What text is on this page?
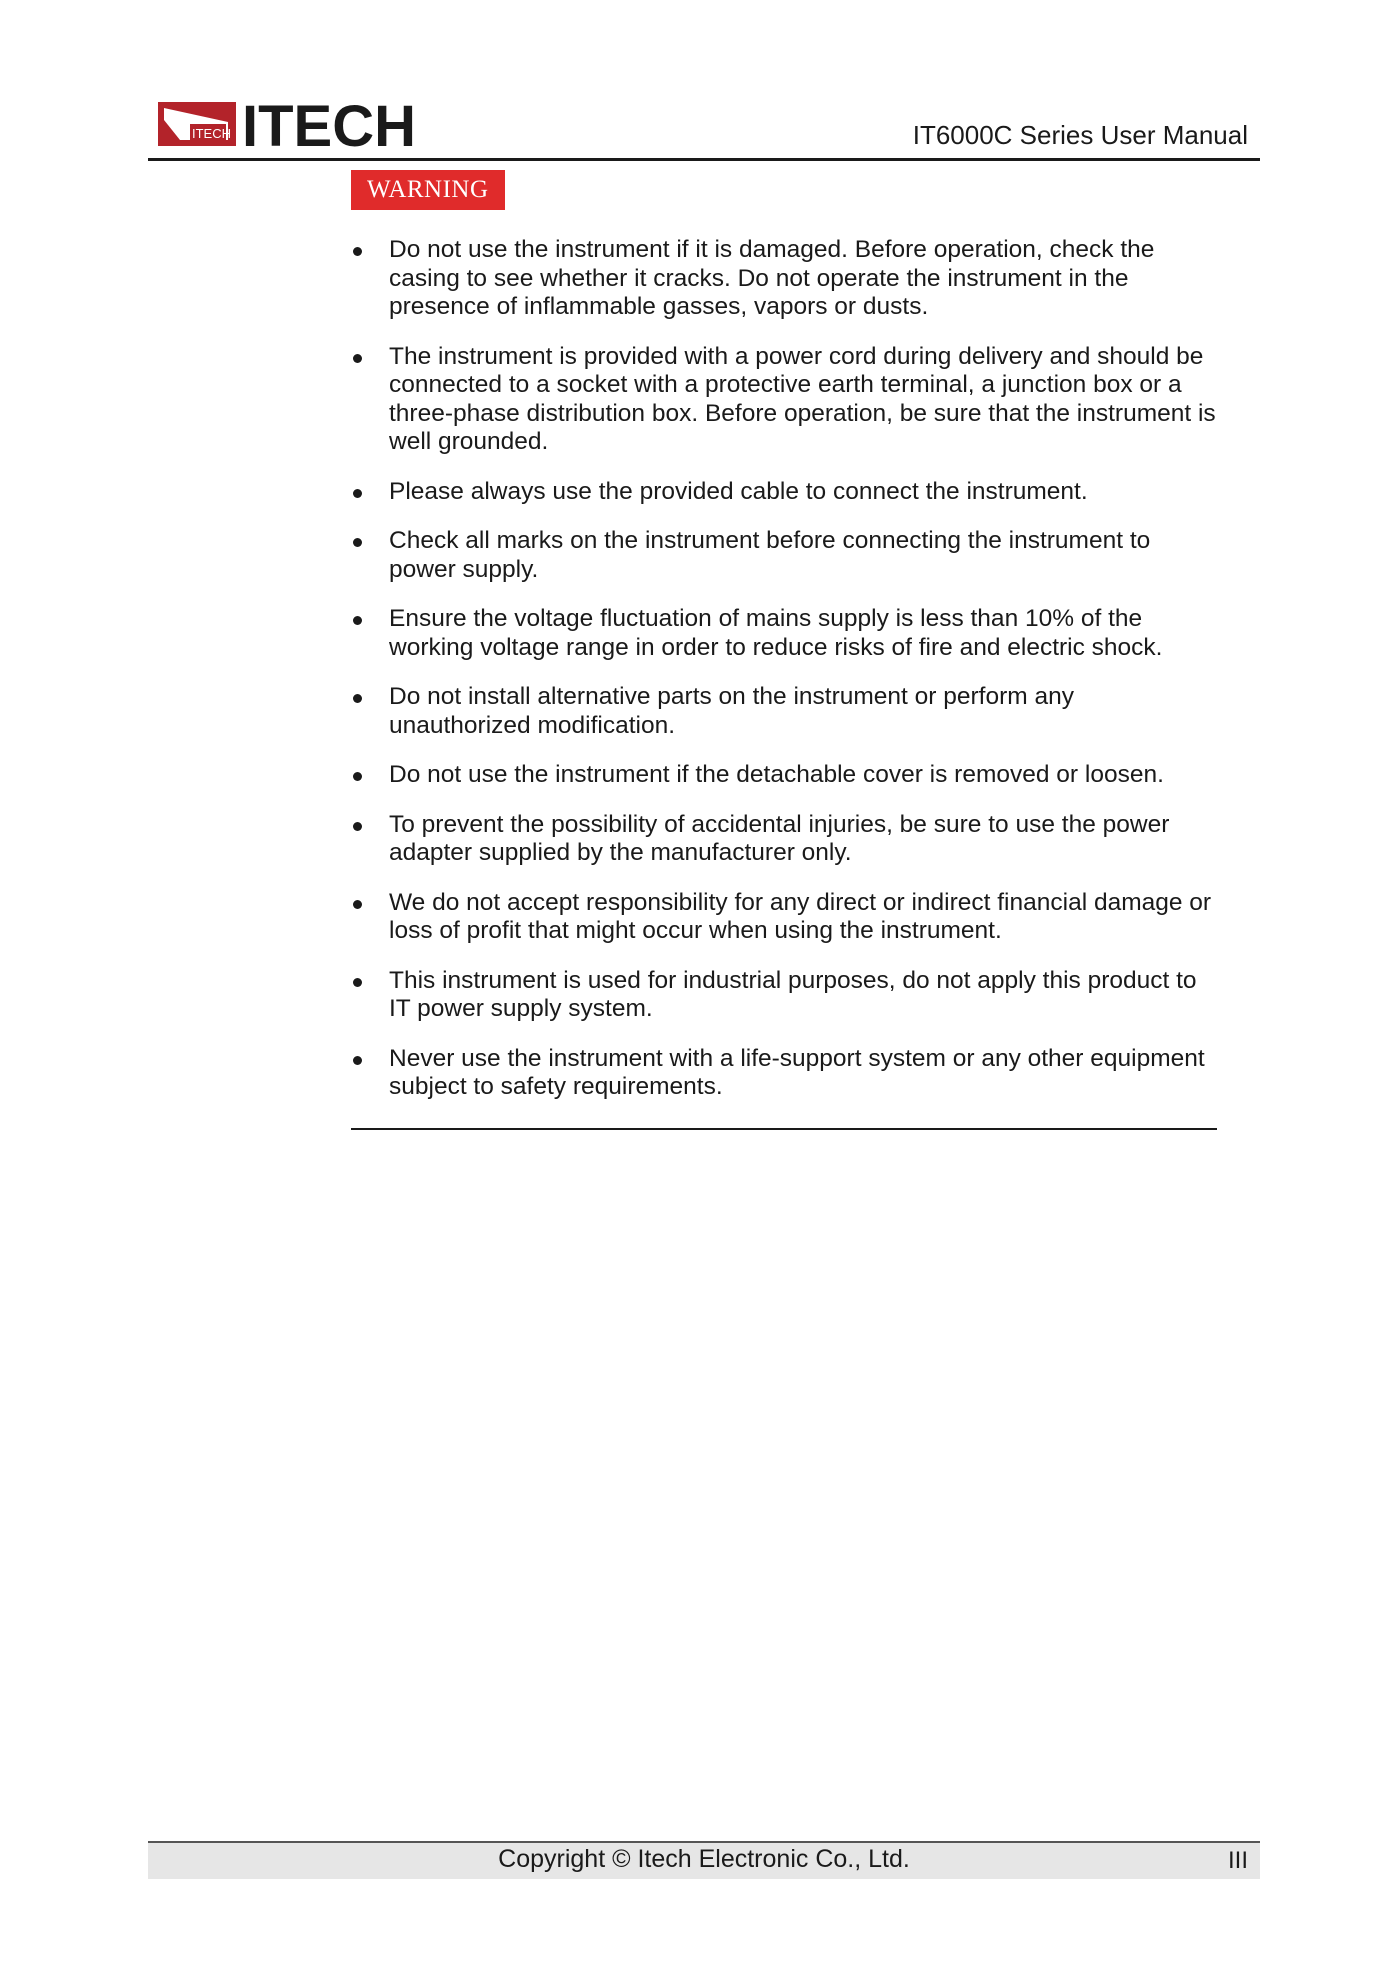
ITECH ITECH	IT6000C Series User Manual
WARNING
Do not use the instrument if it is damaged. Before operation, check the casing to see whether it cracks. Do not operate the instrument in the presence of inflammable gasses, vapors or dusts.
The instrument is provided with a power cord during delivery and should be connected to a socket with a protective earth terminal, a junction box or a three-phase distribution box. Before operation, be sure that the instrument is well grounded.
Please always use the provided cable to connect the instrument.
Check all marks on the instrument before connecting the instrument to power supply.
Ensure the voltage fluctuation of mains supply is less than 10% of the working voltage range in order to reduce risks of fire and electric shock.
Do not install alternative parts on the instrument or perform any unauthorized modification.
Do not use the instrument if the detachable cover is removed or loosen.
To prevent the possibility of accidental injuries, be sure to use the power adapter supplied by the manufacturer only.
We do not accept responsibility for any direct or indirect financial damage or loss of profit that might occur when using the instrument.
This instrument is used for industrial purposes, do not apply this product to IT power supply system.
Never use the instrument with a life-support system or any other equipment subject to safety requirements.
Copyright © Itech Electronic Co., Ltd.	III
